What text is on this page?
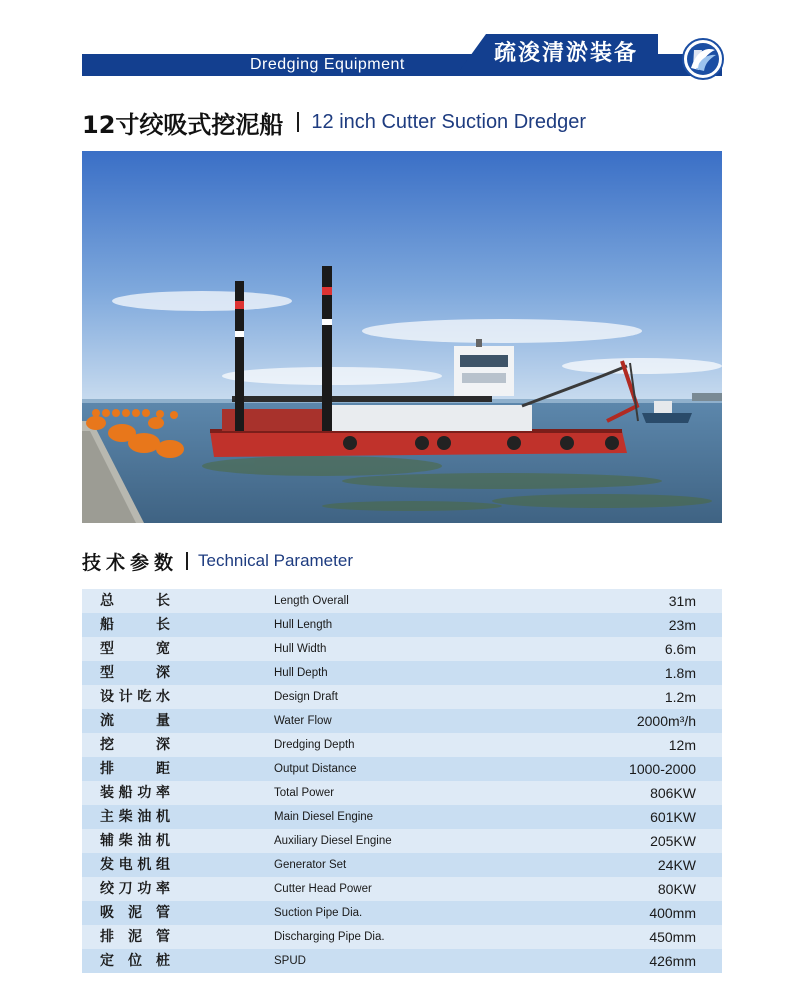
Dredging Equipment	疏浚清淤装备
12寸绞吸式挖泥船 12 inch Cutter Suction Dredger
技术参数 Technical Parameter
总长	Length Overall	31m
船长	Hull Length	23m
型宽	Hull Width	6.6m
型深	Hull Depth	1.8m
设计吃水	Design Draft	1.2m
流量	Water Flow	2000m³/h
挖深	Dredging Depth	12m
排距	Output Distance	1000-2000
装船功率	Total Power	806KW
主柴油机	Main Diesel Engine	601KW
辅柴油机	Auxiliary Diesel Engine	205KW
发电机组	Generator Set	24KW
绞刀功率	Cutter Head Power	80KW
吸泥管	Suction Pipe Dia.	400mm
排泥管	Discharging Pipe Dia.	450mm
定位桩	SPUD	426mm
